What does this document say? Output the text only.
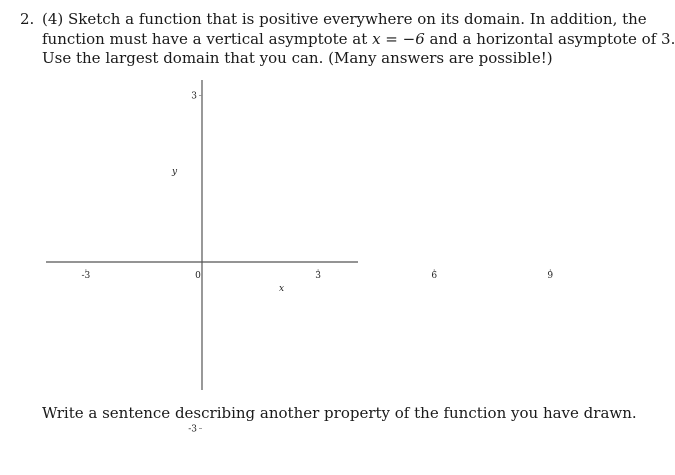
2. (4) Sketch a function that is positive everywhere on its domain. In addition, the
function must have a vertical asymptote at x = −6 and a horizontal asymptote of 3.
Use the largest domain that you can. (Many answers are possible!)
-3	0	3	6	9
3
-3
y
x
Write a sentence describing another property of the function you have drawn.
